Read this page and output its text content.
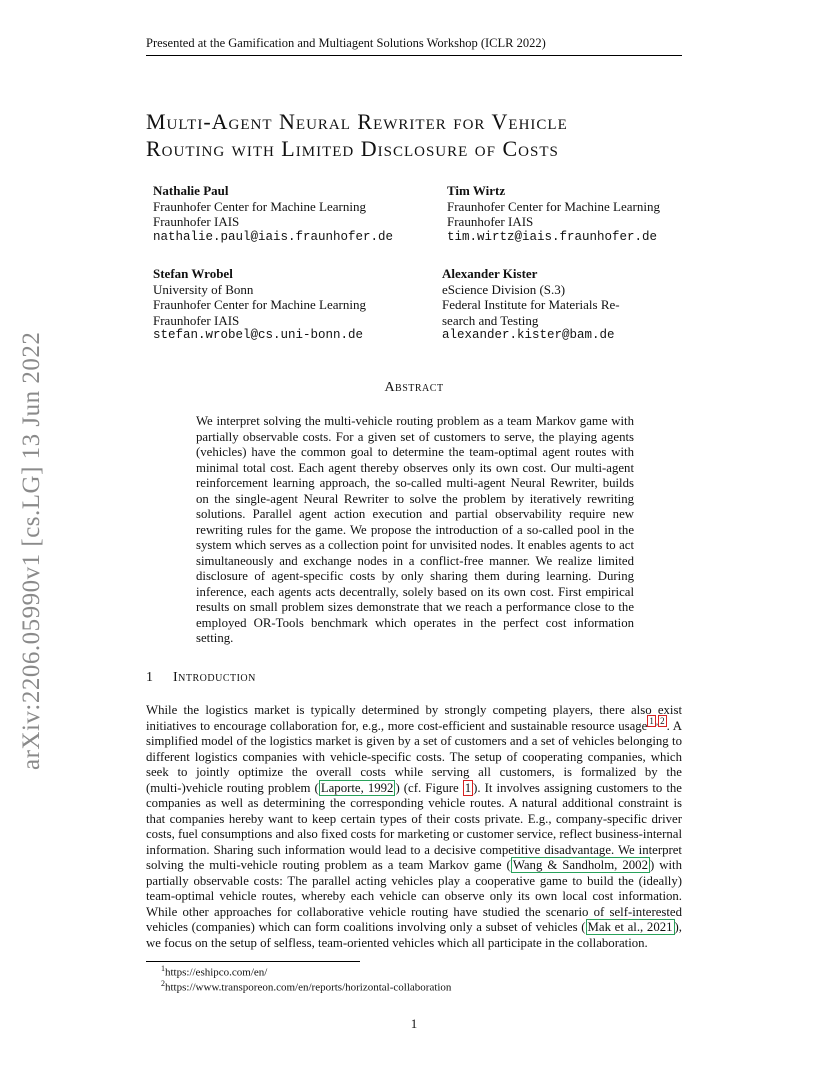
Presented at the Gamification and Multiagent Solutions Workshop (ICLR 2022)
arXiv:2206.05990v1 [cs.LG] 13 Jun 2022
Multi-Agent Neural Rewriter for Vehicle
Routing with Limited Disclosure of Costs
Nathalie Paul
Fraunhofer Center for Machine Learning
Fraunhofer IAIS
nathalie.paul@iais.fraunhofer.de
Tim Wirtz
Fraunhofer Center for Machine Learning
Fraunhofer IAIS
tim.wirtz@iais.fraunhofer.de
Stefan Wrobel
University of Bonn
Fraunhofer Center for Machine Learning
Fraunhofer IAIS
stefan.wrobel@cs.uni-bonn.de
Alexander Kister
eScience Division (S.3)
Federal Institute for Materials Re-
search and Testing
alexander.kister@bam.de
Abstract
We interpret solving the multi-vehicle routing problem as a team Markov game with partially observable costs. For a given set of customers to serve, the playing agents (vehicles) have the common goal to determine the team-optimal agent routes with minimal total cost. Each agent thereby observes only its own cost. Our multi-agent reinforcement learning approach, the so-called multi-agent Neural Rewriter, builds on the single-agent Neural Rewriter to solve the problem by iteratively rewriting solutions. Parallel agent action execution and partial observability require new rewriting rules for the game. We propose the introduction of a so-called pool in the system which serves as a collection point for unvisited nodes. It enables agents to act simultaneously and exchange nodes in a conflict-free manner. We realize limited disclosure of agent-specific costs by only sharing them during learning. During inference, each agents acts decentrally, solely based on its own cost. First empirical results on small problem sizes demonstrate that we reach a performance close to the employed OR-Tools benchmark which operates in the perfect cost information setting.
1 Introduction
While the logistics market is typically determined by strongly competing players, there also exist initiatives to encourage collaboration for, e.g., more cost-efficient and sustainable resource usage $^1$ , $^2$ . A simplified model of the logistics market is given by a set of customers and a set of vehicles belonging to different logistics companies with vehicle-specific costs. The setup of cooperating companies, which seek to jointly optimize the overall costs while serving all customers, is formalized by the (multi-)vehicle routing problem ( Laporte, 1992 ) (cf. Figure 1 ). It involves assigning customers to the companies as well as determining the corresponding vehicle routes. A natural additional constraint is that companies hereby want to keep certain types of their costs private. E.g., company-specific driver costs, fuel consumptions and also fixed costs for marketing or customer service, reflect business-internal information. Sharing such information would lead to a decisive competitive disadvantage. We interpret solving the multi-vehicle routing problem as a team Markov game ( Wang & Sandholm, 2002 ) with partially observable costs: The parallel acting vehicles play a cooperative game to build the (ideally) team-optimal vehicle routes, whereby each vehicle can observe only its own local cost information. While other approaches for collaborative vehicle routing have studied the scenario of self-interested vehicles (companies) which can form coalitions involving only a subset of vehicles ( Mak et al., 2021 ), we focus on the setup of selfless, team-oriented vehicles which all participate in the collaboration.
$^1$https://eshipco.com/en/
$^2$https://www.transporeon.com/en/reports/horizontal-collaboration
1
